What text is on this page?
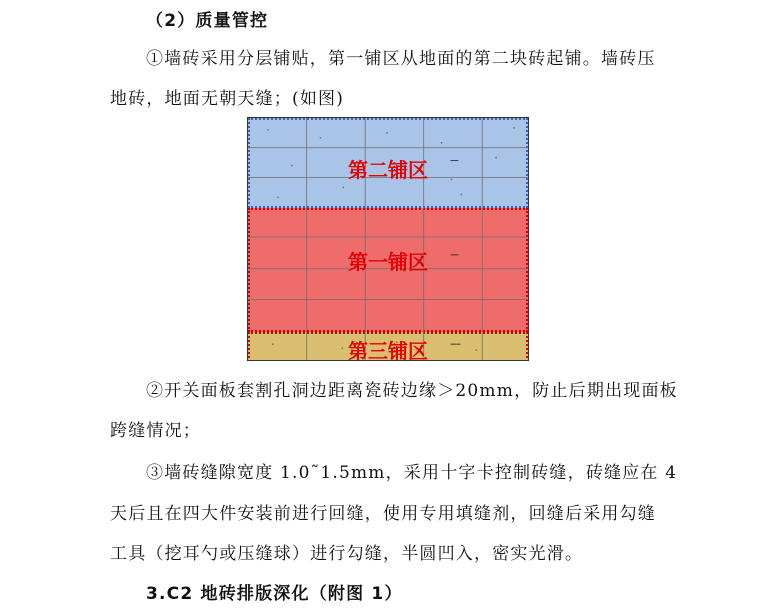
（2）质量管控
①墙砖采用分层铺贴，第一铺区从地面的第二块砖起铺。墙砖压
地砖，地面无朝天缝；(如图)
第二铺区
第一铺区
第三铺区
②开关面板套割孔洞边距离瓷砖边缘＞20mm，防止后期出现面板
跨缝情况；
③墙砖缝隙宽度 1.0˜1.5mm，采用十字卡控制砖缝，砖缝应在 4
天后且在四大件安装前进行回缝，使用专用填缝剂，回缝后采用勾缝
工具（挖耳勺或压缝球）进行勾缝，半圆凹入，密实光滑。
3.C2 地砖排版深化（附图 1）
